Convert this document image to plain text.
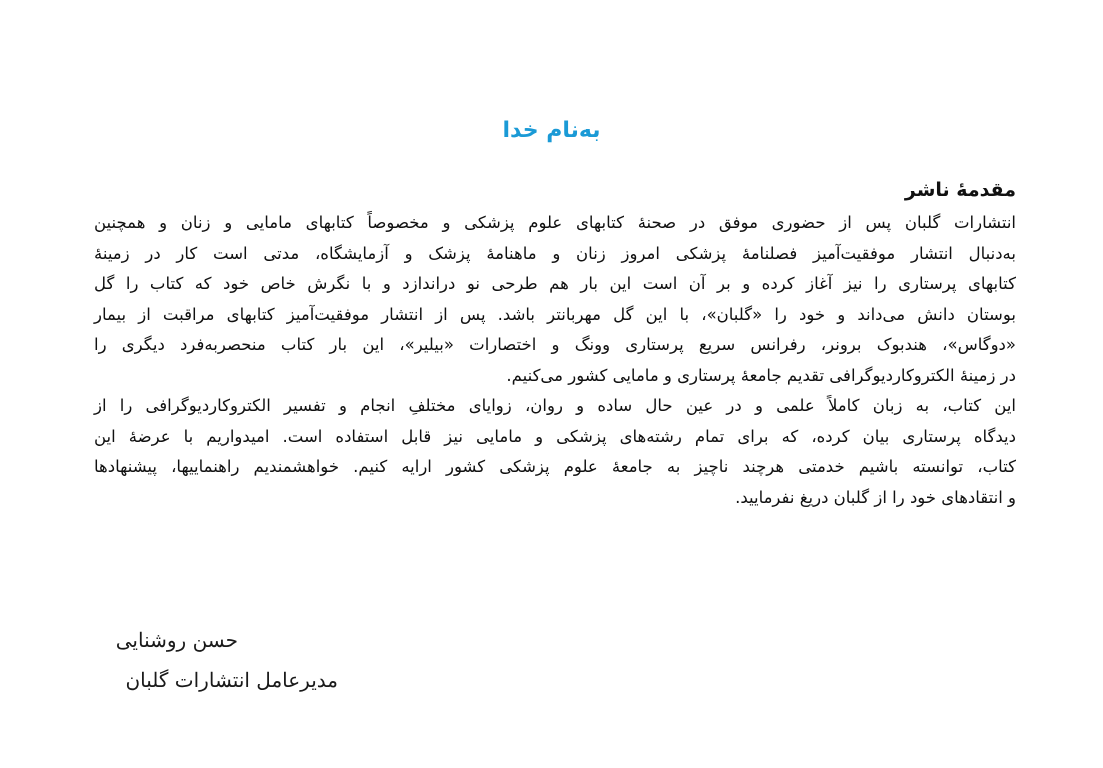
به‌نام خدا
مقدمهٔ ناشر
انتشارات گلبان پس از حضوری موفق در صحنهٔ کتابهای علوم پزشکی و مخصوصاً کتابهای مامایی و زنان و همچنین
به‌دنبال انتشار موفقیت‌آمیز فصلنامهٔ پزشکی امروز زنان و ماهنامهٔ پزشک و آزمایشگاه، مدتی است کار در زمینهٔ
کتابهای پرستاری را نیز آغاز کرده و بر آن است این بار هم طرحی نو دراندازد و با نگرش خاص خود که کتاب را گل
بوستان دانش می‌داند و خود را «گلبان»، با این گل مهربانتر باشد. پس از انتشار موفقیت‌آمیز کتابهای مراقبت از بیمار
«دوگاس»، هندبوک برونر، رفرانس سریع پرستاری وونگ و اختصارات «بیلیر»، این بار کتاب منحصربه‌فرد دیگری را
در زمینهٔ الکتروکاردیوگرافی تقدیم جامعهٔ پرستاری و مامایی کشور می‌کنیم.
این کتاب، به زبان کاملاً علمی و در عین حال ساده و روان، زوایای مختلفِ انجام و تفسیر الکتروکاردیوگرافی را از
دیدگاه پرستاری بیان کرده، که برای تمام رشته‌های پزشکی و مامایی نیز قابل استفاده است. امیدواریم با عرضهٔ این
کتاب، توانسته باشیم خدمتی هرچند ناچیز به جامعهٔ علوم پزشکی کشور ارایه کنیم. خواهشمندیم راهنماییها، پیشنهادها
و انتقادهای خود را از گلبان دریغ نفرمایید.
حسن روشنایی
مدیرعامل انتشارات گلبان
